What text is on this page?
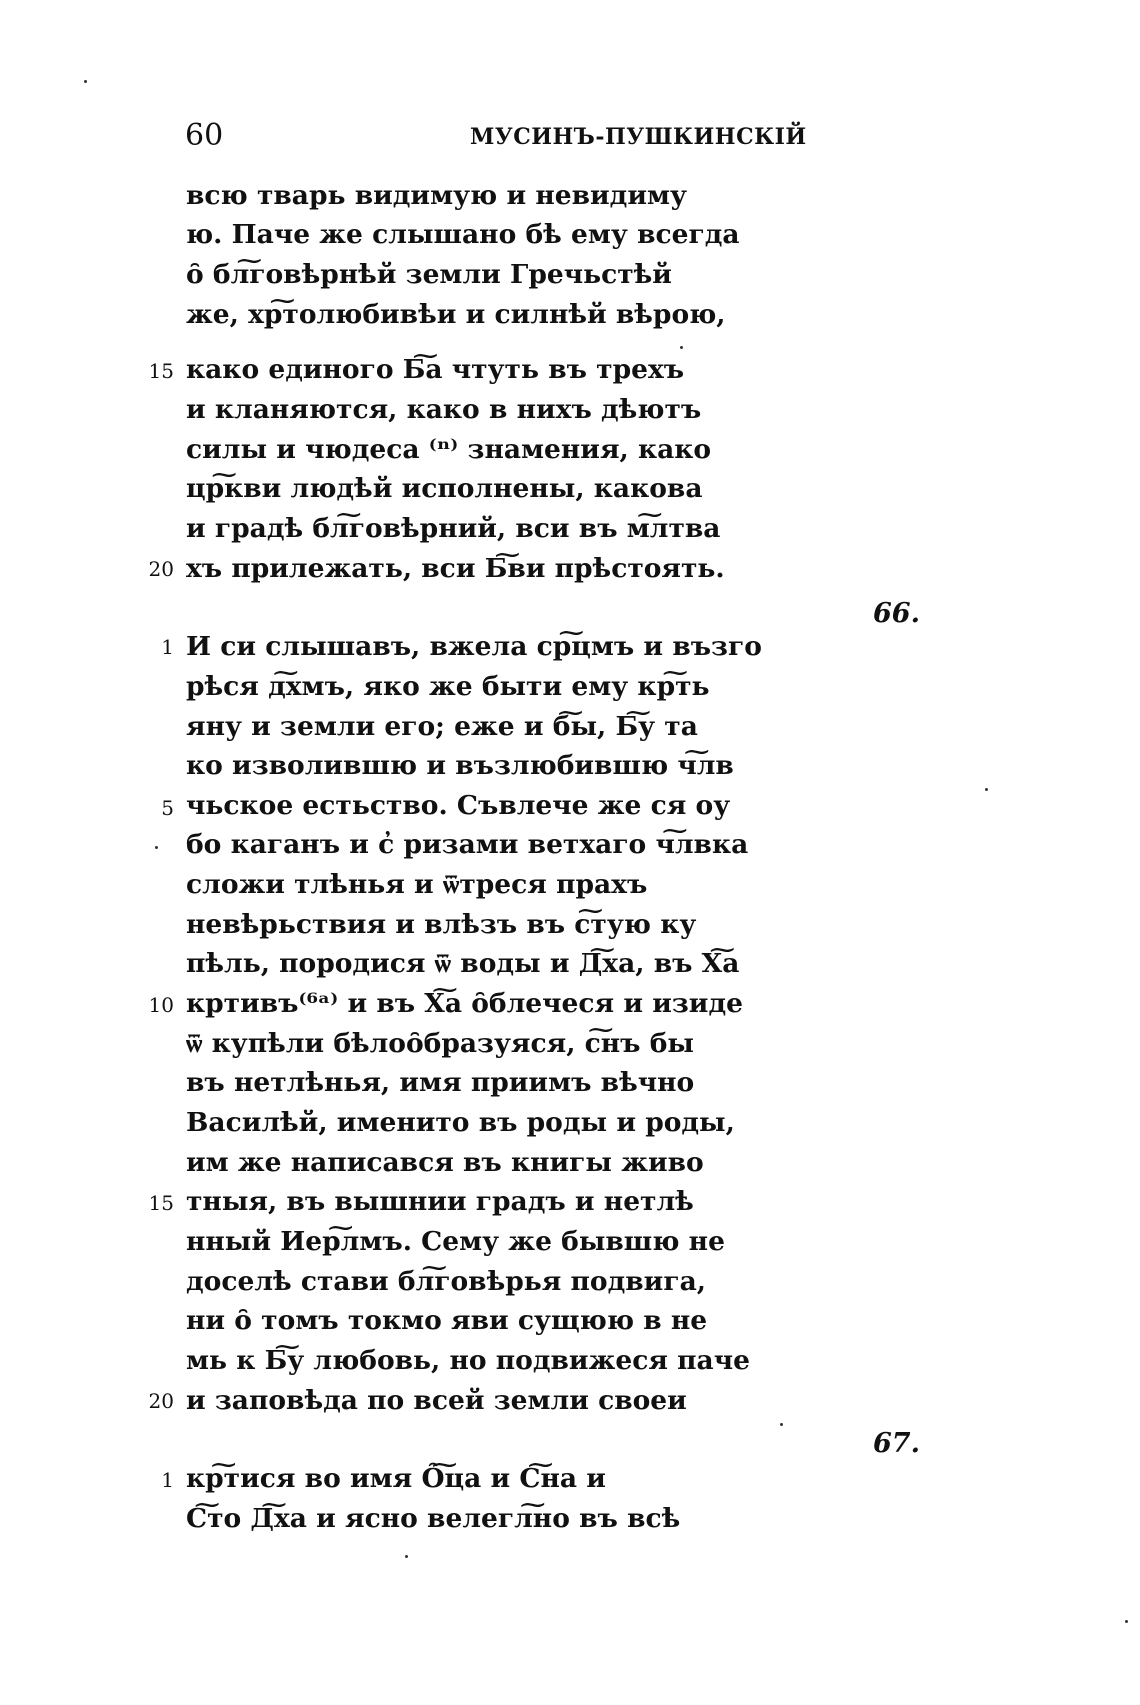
60	МУСИНЪ-ПУШКИНСКІЙ
всю тварь видимую и невидиму
ю. Паче же слышано бѣ ему всегда
ȏ бл͠говѣрнѣй земли Гречьстѣй
же, хр͠толюбивѣи и силнѣй вѣрою,
15 како единого Б͠а чтуть въ трехъ
и кланяются, како в нихъ дѣютъ
силы и чюдеса ⁽ⁿ⁾ знамения, како
цр͠кви людѣй исполнены, какова
и градѣ бл͠говѣрний, вси въ м͠лтва
20 хъ прилежать, вси Б͠ви прѣстоять.
66.
1 И си слышавъ, вжела ср͠цмъ и възго
рѣся д͠хмъ, яко же быти ему кр͠ть
яну и земли его; еже и б͠ы, Б͠у та
ко изволившю и възлюбившю ч͠лв
5 чьское естьство. Съвлече же ся оу
бо каганъ и с̓ ризами ветхаго ч͠лвка
сложи тлѣнья и ѿтреся прахъ
невѣрьствия и влѣзъ въ с͠тую ку
пѣль, породися ѿ воды и Д͠ха, въ Х͠а
10 кртивъ⁽⁶ᵃ⁾ и въ Х͠а ȏблечеся и изиде
ѿ купѣли бѣлоȏбразуяся, с͠нъ бы
въ нетлѣнья, имя приимъ вѣчно
Василѣй, именито въ роды и роды,
им же написався въ книгы живо
15 тныя, въ вышнии градъ и нетлѣ
нный Иер͠лмъ. Сему же бывшю не
доселѣ стави бл͠говѣрья подвига,
ни ȏ томъ токмо яви сущюю в не
мь к Б͠у любовь, но подвижеся паче
20 и заповѣда по всей земли своеи
67.
1 кр͠тися во имя Ȏ͠ца и С͠на и
С͠то Д͠ха и ясно велегл͠но въ всѣ
